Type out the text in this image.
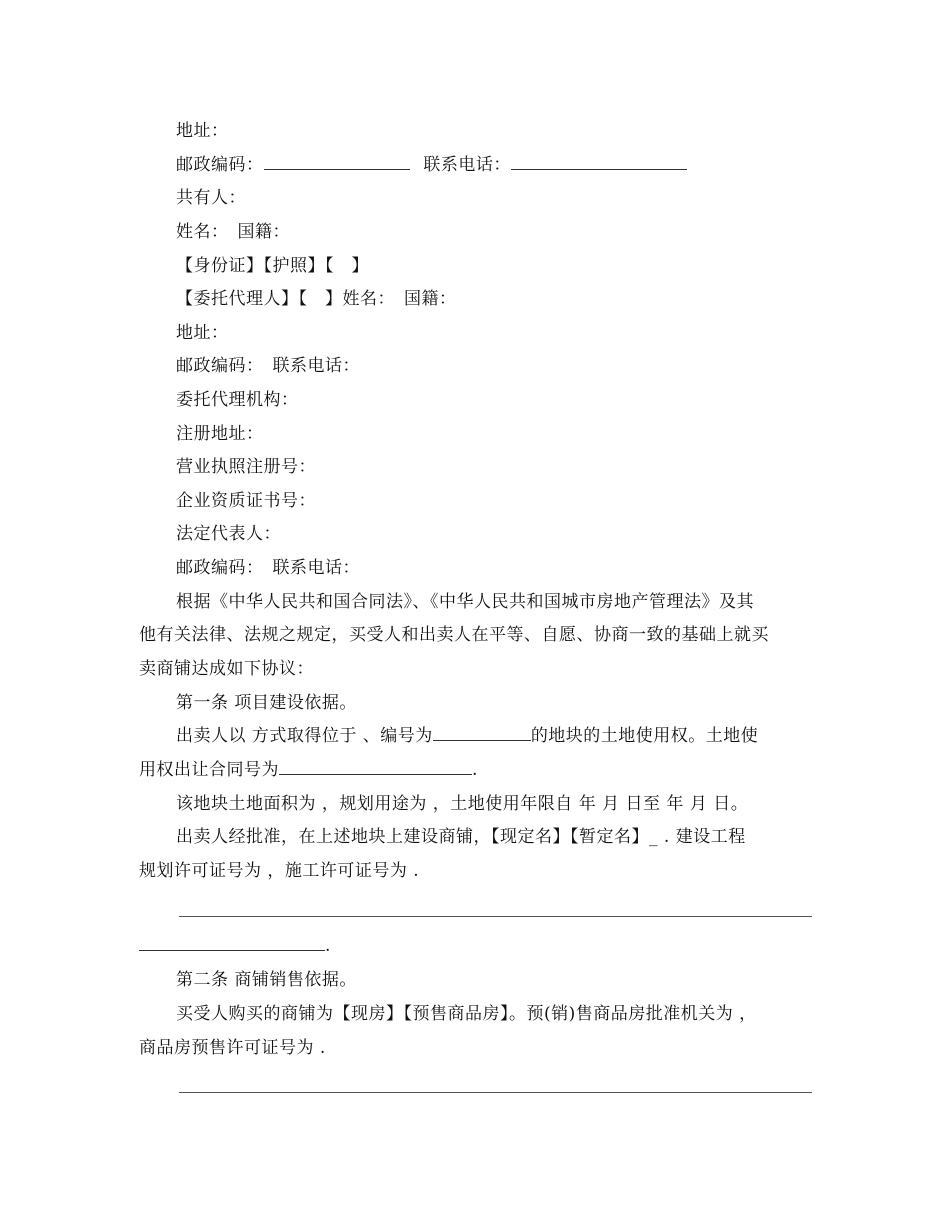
地址：
邮政编码：	联系电话：
共有人：
姓名：　国籍：
【身份证】【护照】【　】
【委托代理人】【　】姓名：　国籍：
地址：
邮政编码：　联系电话：
委托代理机构：
注册地址：
营业执照注册号：
企业资质证书号：
法定代表人：
邮政编码：　联系电话：
根据《中华人民共和国合同法》、《中华人民共和国城市房地产管理法》及其
他有关法律、法规之规定，买受人和出卖人在平等、自愿、协商一致的基础上就买
卖商铺达成如下协议：
第一条 项目建设依据。
出卖人以 方式取得位于 、编号为	的地块的土地使用权。土地使
用权出让合同号为	.
该地块土地面积为 ，规划用途为 ，土地使用年限自 年 月 日至 年 月 日。
出卖人经批准，在上述地块上建设商铺，【现定名】【暂定名】_ . 建设工程
规划许可证号为 ，施工许可证号为 .
.
第二条 商铺销售依据。
买受人购买的商铺为【现房】【预售商品房】。预(销)售商品房批准机关为 ，
商品房预售许可证号为 .
